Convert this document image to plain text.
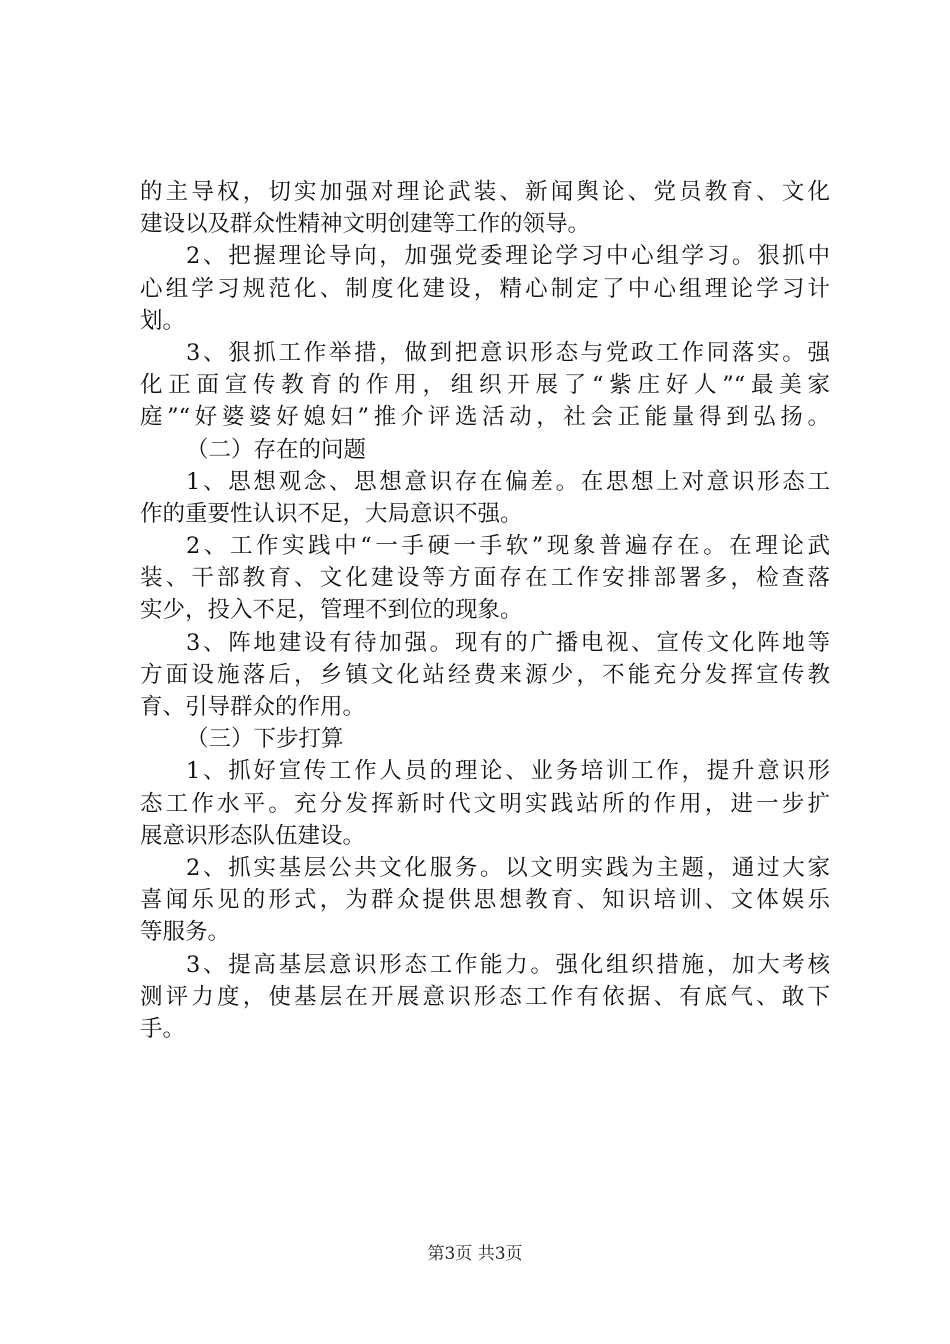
的主导权，切实加强对理论武装、新闻舆论、党员教育、文化
建设以及群众性精神文明创建等工作的领导。
2、把握理论导向，加强党委理论学习中心组学习。狠抓中
心组学习规范化、制度化建设，精心制定了中心组理论学习计
划。
3、狠抓工作举措，做到把意识形态与党政工作同落实。强
化正面宣传教育的作用，组织开展了“紫庄好人”“最美家
庭”“好婆婆好媳妇”推介评选活动，社会正能量得到弘扬。
（二）存在的问题
1、思想观念、思想意识存在偏差。在思想上对意识形态工
作的重要性认识不足，大局意识不强。
2、工作实践中“一手硬一手软”现象普遍存在。在理论武
装、干部教育、文化建设等方面存在工作安排部署多，检查落
实少，投入不足，管理不到位的现象。
3、阵地建设有待加强。现有的广播电视、宣传文化阵地等
方面设施落后，乡镇文化站经费来源少，不能充分发挥宣传教
育、引导群众的作用。
（三）下步打算
1、抓好宣传工作人员的理论、业务培训工作，提升意识形
态工作水平。充分发挥新时代文明实践站所的作用，进一步扩
展意识形态队伍建设。
2、抓实基层公共文化服务。以文明实践为主题，通过大家
喜闻乐见的形式，为群众提供思想教育、知识培训、文体娱乐
等服务。
3、提高基层意识形态工作能力。强化组织措施，加大考核
测评力度，使基层在开展意识形态工作有依据、有底气、敢下
手。
第3页 共3页
